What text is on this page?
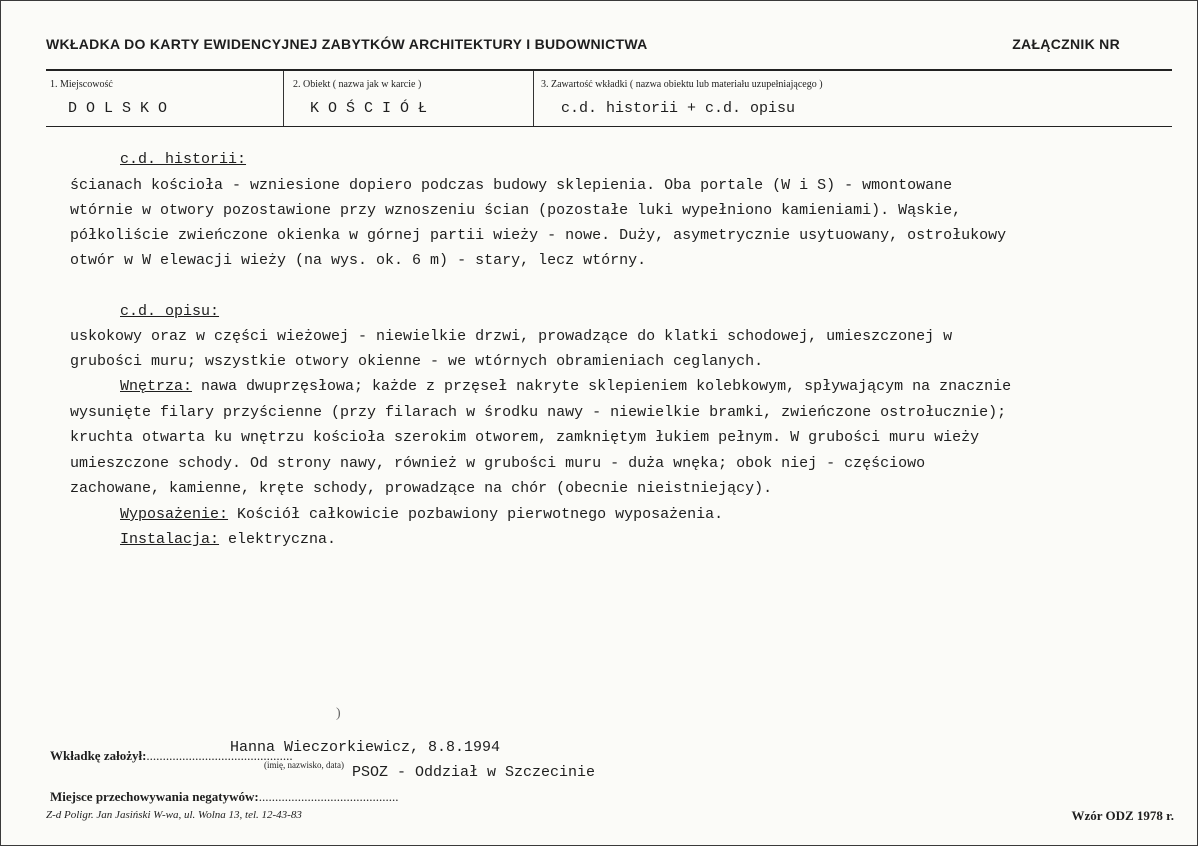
WKŁADKA DO KARTY EWIDENCYJNEJ ZABYTKÓW ARCHITEKTURY I BUDOWNICTWA	ZAŁĄCZNIK NR
1. Miejscowość
DOLSKO
2. Obiekt ( nazwa jak w karcie )
KOŚCIÓŁ
3. Zawartość wkładki ( nazwa obiektu lub materiału uzupełniającego )
c.d. historii + c.d. opisu
c.d. historii:
ścianach kościoła - wzniesione dopiero podczas budowy sklepienia. Oba portale (W i S) - wmontowane
wtórnie w otwory pozostawione przy wznoszeniu ścian (pozostałe luki wypełniono kamieniami). Wąskie,
półkoliście zwieńczone okienka w górnej partii wieży - nowe. Duży, asymetrycznie usytuowany, ostrołukowy
otwór w W elewacji wieży (na wys. ok. 6 m) - stary, lecz wtórny.
c.d. opisu:
uskokowy oraz w części wieżowej - niewielkie drzwi, prowadzące do klatki schodowej, umieszczonej w
grubości muru; wszystkie otwory okienne - we wtórnych obramieniach ceglanych.
Wnętrza: nawa dwuprzęsłowa; każde z przęseł nakryte sklepieniem kolebkowym, spływającym na znacznie
wysunięte filary przyścienne (przy filarach w środku nawy - niewielkie bramki, zwieńczone ostrołucznie);
kruchta otwarta ku wnętrzu kościoła szerokim otworem, zamkniętym łukiem pełnym. W grubości muru wieży
umieszczone schody. Od strony nawy, również w grubości muru - duża wnęka; obok niej - częściowo
zachowane, kamienne, kręte schody, prowadzące na chór (obecnie nieistniejący).
Wyposażenie: Kościół całkowicie pozbawiony pierwotnego wyposażenia.
Instalacja: elektryczna.
)
Wkładkę założył:.............................................
Hanna Wieczorkiewicz, 8.8.1994
(imię, nazwisko, data) PSOZ - Oddział w Szczecinie
Miejsce przechowywania negatywów:...........................................
Z-d Poligr. Jan Jasiński W-wa, ul. Wolna 13, tel. 12-43-83	Wzór ODZ 1978 r.
